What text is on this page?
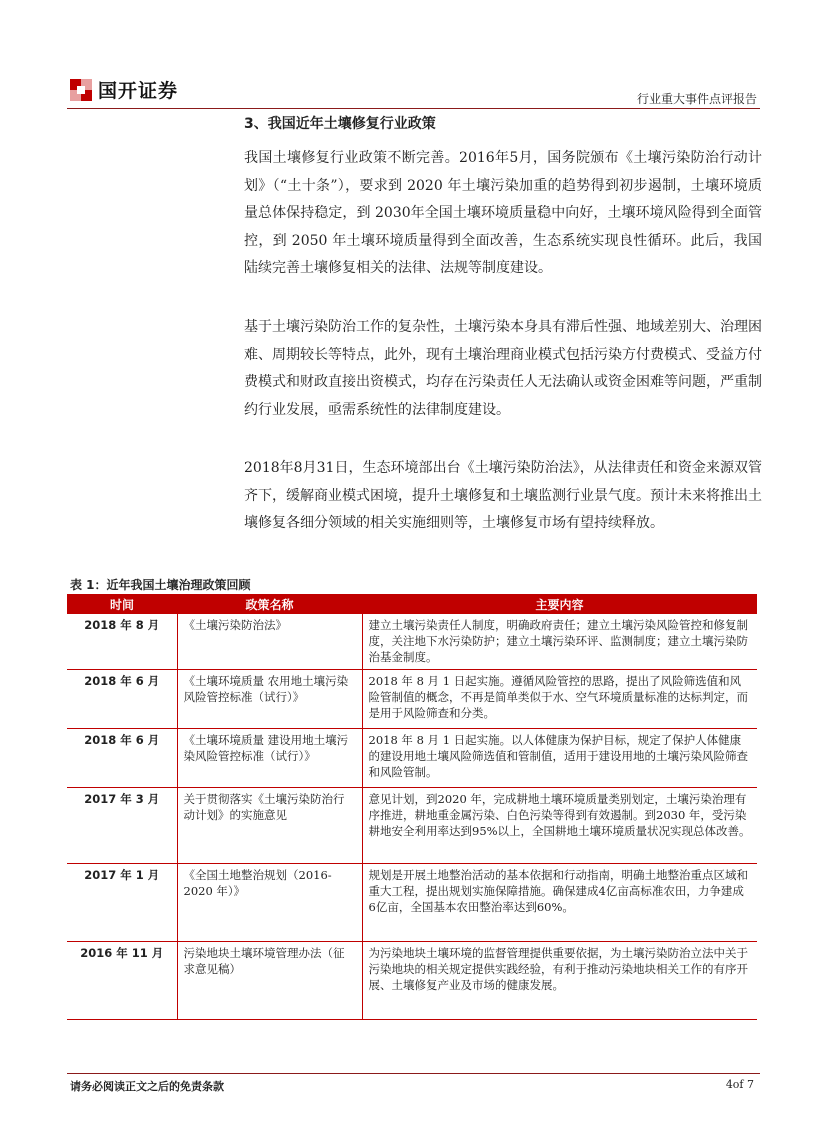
国开证券	行业重大事件点评报告
3、我国近年土壤修复行业政策

我国土壤修复行业政策不断完善。2016年5月，国务院颁布《土壤污染防治行动计划》（“土十条”），要求到 2020 年土壤污染加重的趋势得到初步遏制，土壤环境质量总体保持稳定，到 2030年全国土壤环境质量稳中向好，土壤环境风险得到全面管控，到 2050 年土壤环境质量得到全面改善，生态系统实现良性循环。此后，我国陆续完善土壤修复相关的法律、法规等制度建设。

基于土壤污染防治工作的复杂性，土壤污染本身具有滞后性强、地域差别大、治理困难、周期较长等特点，此外，现有土壤治理商业模式包括污染方付费模式、受益方付费模式和财政直接出资模式，均存在污染责任人无法确认或资金困难等问题，严重制约行业发展，亟需系统性的法律制度建设。

2018年8月31日，生态环境部出台《土壤污染防治法》，从法律责任和资金来源双管齐下，缓解商业模式困境，提升土壤修复和土壤监测行业景气度。预计未来将推出土壤修复各细分领域的相关实施细则等，土壤修复市场有望持续释放。

表 1：近年我国土壤治理政策回顾
时间	政策名称	主要内容
2018 年 8 月	《土壤污染防治法》	建立土壤污染责任人制度，明确政府责任；建立土壤污染风险管控和修复制度，关注地下水污染防护；建立土壤污染环评、监测制度；建立土壤污染防治基金制度。
2018 年 6 月	《土壤环境质量 农用地土壤污染风险管控标准（试行）》	2018 年 8 月 1 日起实施。遵循风险管控的思路，提出了风险筛选值和风险管制值的概念，不再是简单类似于水、空气环境质量标准的达标判定，而是用于风险筛查和分类。
2018 年 6 月	《土壤环境质量 建设用地土壤污染风险管控标准（试行）》	2018 年 8 月 1 日起实施。以人体健康为保护目标，规定了保护人体健康的建设用地土壤风险筛选值和管制值，适用于建设用地的土壤污染风险筛查和风险管制。
2017 年 3 月	关于贯彻落实《土壤污染防治行动计划》的实施意见	意见计划，到2020 年，完成耕地土壤环境质量类别划定，土壤污染治理有序推进，耕地重金属污染、白色污染等得到有效遏制。到2030 年，受污染耕地安全利用率达到95%以上，全国耕地土壤环境质量状况实现总体改善。
2017 年 1 月	《全国土地整治规划（2016-2020 年）》	规划是开展土地整治活动的基本依据和行动指南，明确土地整治重点区域和重大工程，提出规划实施保障措施。确保建成4亿亩高标准农田，力争建成6亿亩，全国基本农田整治率达到60%。
2016 年 11 月	污染地块土壤环境管理办法（征求意见稿）	为污染地块土壤环境的监督管理提供重要依据，为土壤污染防治立法中关于污染地块的相关规定提供实践经验，有利于推动污染地块相关工作的有序开展、土壤修复产业及市场的健康发展。
请务必阅读正文之后的免责条款	4of 7
